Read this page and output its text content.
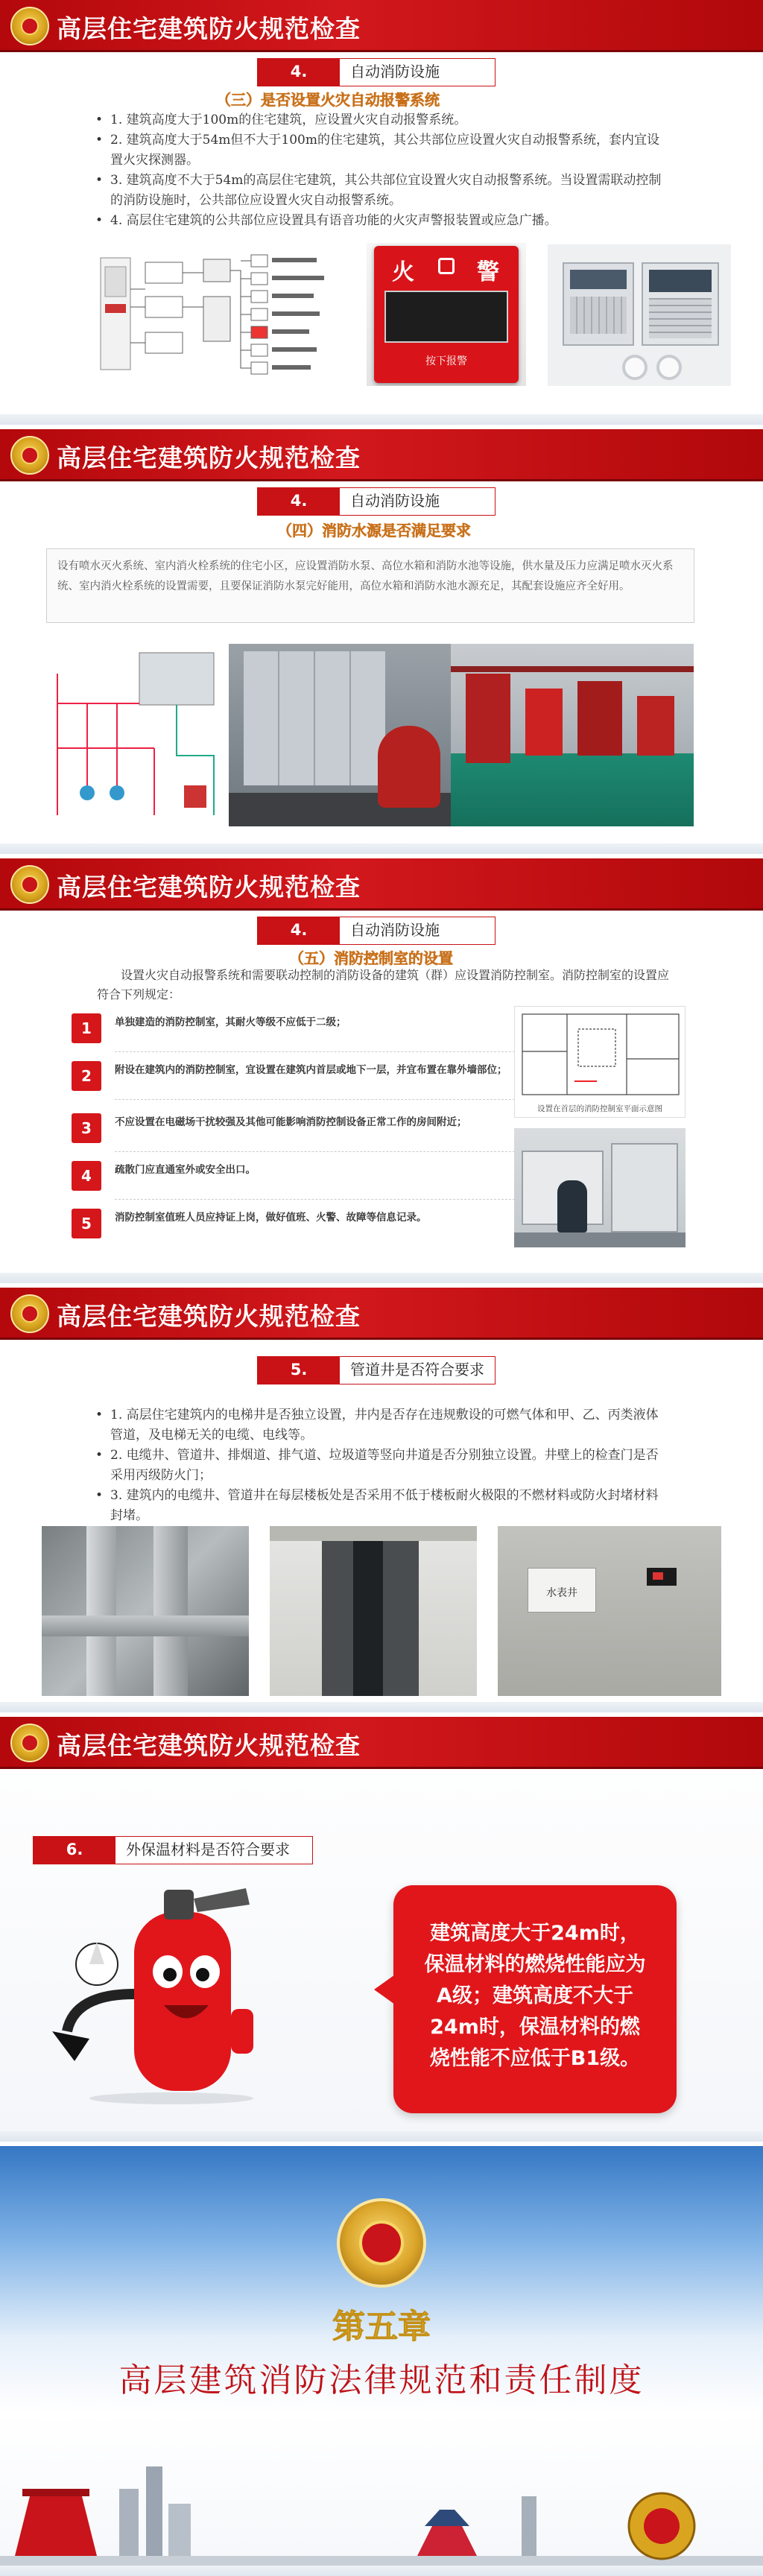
高层住宅建筑防火规范检查
4.	自动消防设施
（三）是否设置火灾自动报警系统
• 1. 建筑高度大于100m的住宅建筑，应设置火灾自动报警系统。
• 2. 建筑高度大于54m但不大于100m的住宅建筑，其公共部位应设置火灾自动报警系统，套内宜设置火灾探测器。
• 3. 建筑高度不大于54m的高层住宅建筑，其公共部位宜设置火灾自动报警系统。当设置需联动控制的消防设施时，公共部位应设置火灾自动报警系统。
• 4. 高层住宅建筑的公共部位应设置具有语音功能的火灾声警报装置或应急广播。
火	警
按下报警
高层住宅建筑防火规范检查
4.	自动消防设施
（四）消防水源是否满足要求
设有喷水灭火系统、室内消火栓系统的住宅小区，应设置消防水泵、高位水箱和消防水池等设施，供水量及压力应满足喷水灭火系统、室内消火栓系统的设置需要，且要保证消防水泵完好能用，高位水箱和消防水池水源充足，其配套设施应齐全好用。
高层住宅建筑防火规范检查
4.	自动消防设施
（五）消防控制室的设置
设置火灾自动报警系统和需要联动控制的消防设备的建筑（群）应设置消防控制室。消防控制室的设置应符合下列规定：
1	单独建造的消防控制室，其耐火等级不应低于二级；
2	附设在建筑内的消防控制室，宜设置在建筑内首层或地下一层，并宜布置在靠外墙部位；
3	不应设置在电磁场干扰较强及其他可能影响消防控制设备正常工作的房间附近；
4	疏散门应直通室外或安全出口。
5	消防控制室值班人员应持证上岗，做好值班、火警、故障等信息记录。
设置在首层的消防控制室平面示意图
高层住宅建筑防火规范检查
5.	管道井是否符合要求
• 1. 高层住宅建筑内的电梯井是否独立设置，井内是否存在违规敷设的可燃气体和甲、乙、丙类液体管道，及电梯无关的电缆、电线等。
• 2. 电缆井、管道井、排烟道、排气道、垃圾道等竖向井道是否分别独立设置。井壁上的检查门是否采用丙级防火门；
• 3. 建筑内的电缆井、管道井在每层楼板处是否采用不低于楼板耐火极限的不燃材料或防火封堵材料封堵。
水表井
高层住宅建筑防火规范检查
6.	外保温材料是否符合要求
建筑高度大于24m时，保温材料的燃烧性能应为A级；建筑高度不大于24m时，保温材料的燃烧性能不应低于B1级。
第五章
高层建筑消防法律规范和责任制度
